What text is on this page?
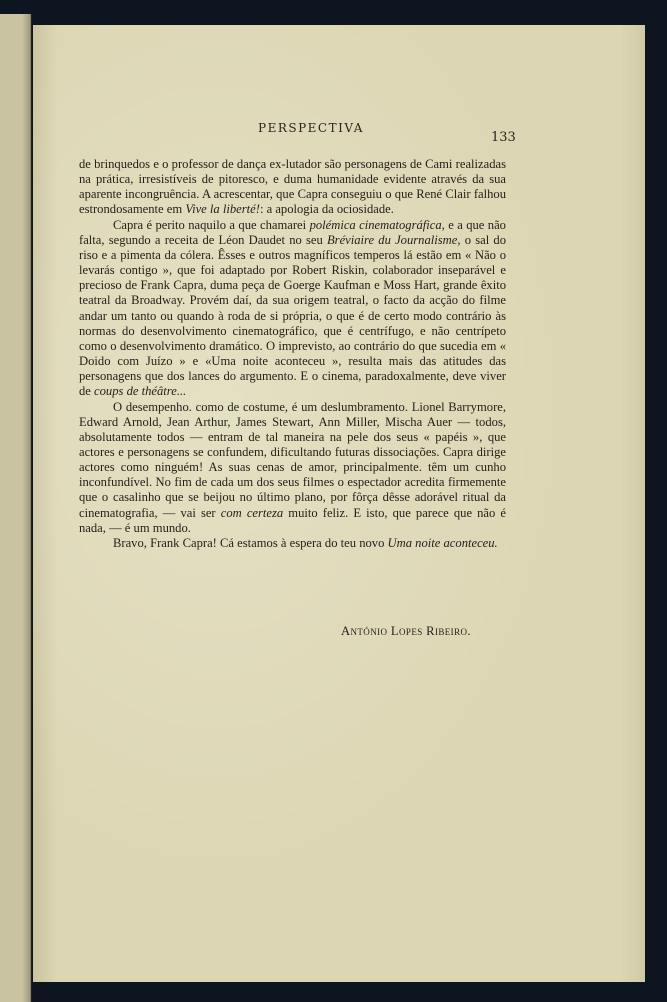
PERSPECTIVA
133

de brinquedos e o professor de dança ex-lutador são personagens de Cami realizadas na prática, irresistíveis de pitoresco, e duma humanidade evidente através da sua aparente incongruência. A acrescentar, que Capra conseguiu o que René Clair falhou estrondosamente em Vive la liberté!: a apologia da ociosidade.

Capra é perito naquilo a que chamarei polémica cinematográfica, e a que não falta, segundo a receita de Léon Daudet no seu Bréviaire du Journalisme, o sal do riso e a pimenta da cólera. Êsses e outros magníficos temperos lá estão em « Não o levarás contigo », que foi adaptado por Robert Riskin, colaborador inseparável e precioso de Frank Capra, duma peça de Goerge Kaufman e Moss Hart, grande êxito teatral da Broadway. Provém daí, da sua origem teatral, o facto da acção do filme andar um tanto ou quando à roda de si própria, o que é de certo modo contrário às normas do desenvolvimento cinematográfico, que é centrífugo, e não centrípeto como o desenvolvimento dramático. O imprevisto, ao contrário do que sucedia em « Doido com Juízo » e «Uma noite aconteceu », resulta mais das atitudes das personagens que dos lances do argumento. E o cinema, paradoxalmente, deve viver de coups de théâtre...

O desempenho. como de costume, é um deslumbramento. Lionel Barrymore, Edward Arnold, Jean Arthur, James Stewart, Ann Miller, Mischa Auer — todos, absolutamente todos — entram de tal maneira na pele dos seus « papéis », que actores e personagens se confundem, dificultando futuras dissociações. Capra dirige actores como ninguém! As suas cenas de amor, principalmente. têm um cunho inconfundível. No fim de cada um dos seus filmes o espectador acredita firmemente que o casalinho que se beijou no último plano, por fôrça dêsse adorável ritual da cinematografia, — vai ser com certeza muito feliz. E isto, que parece que não é nada, — é um mundo.

Bravo, Frank Capra! Cá estamos à espera do teu novo Uma noite aconteceu.

António Lopes Ribeiro.
